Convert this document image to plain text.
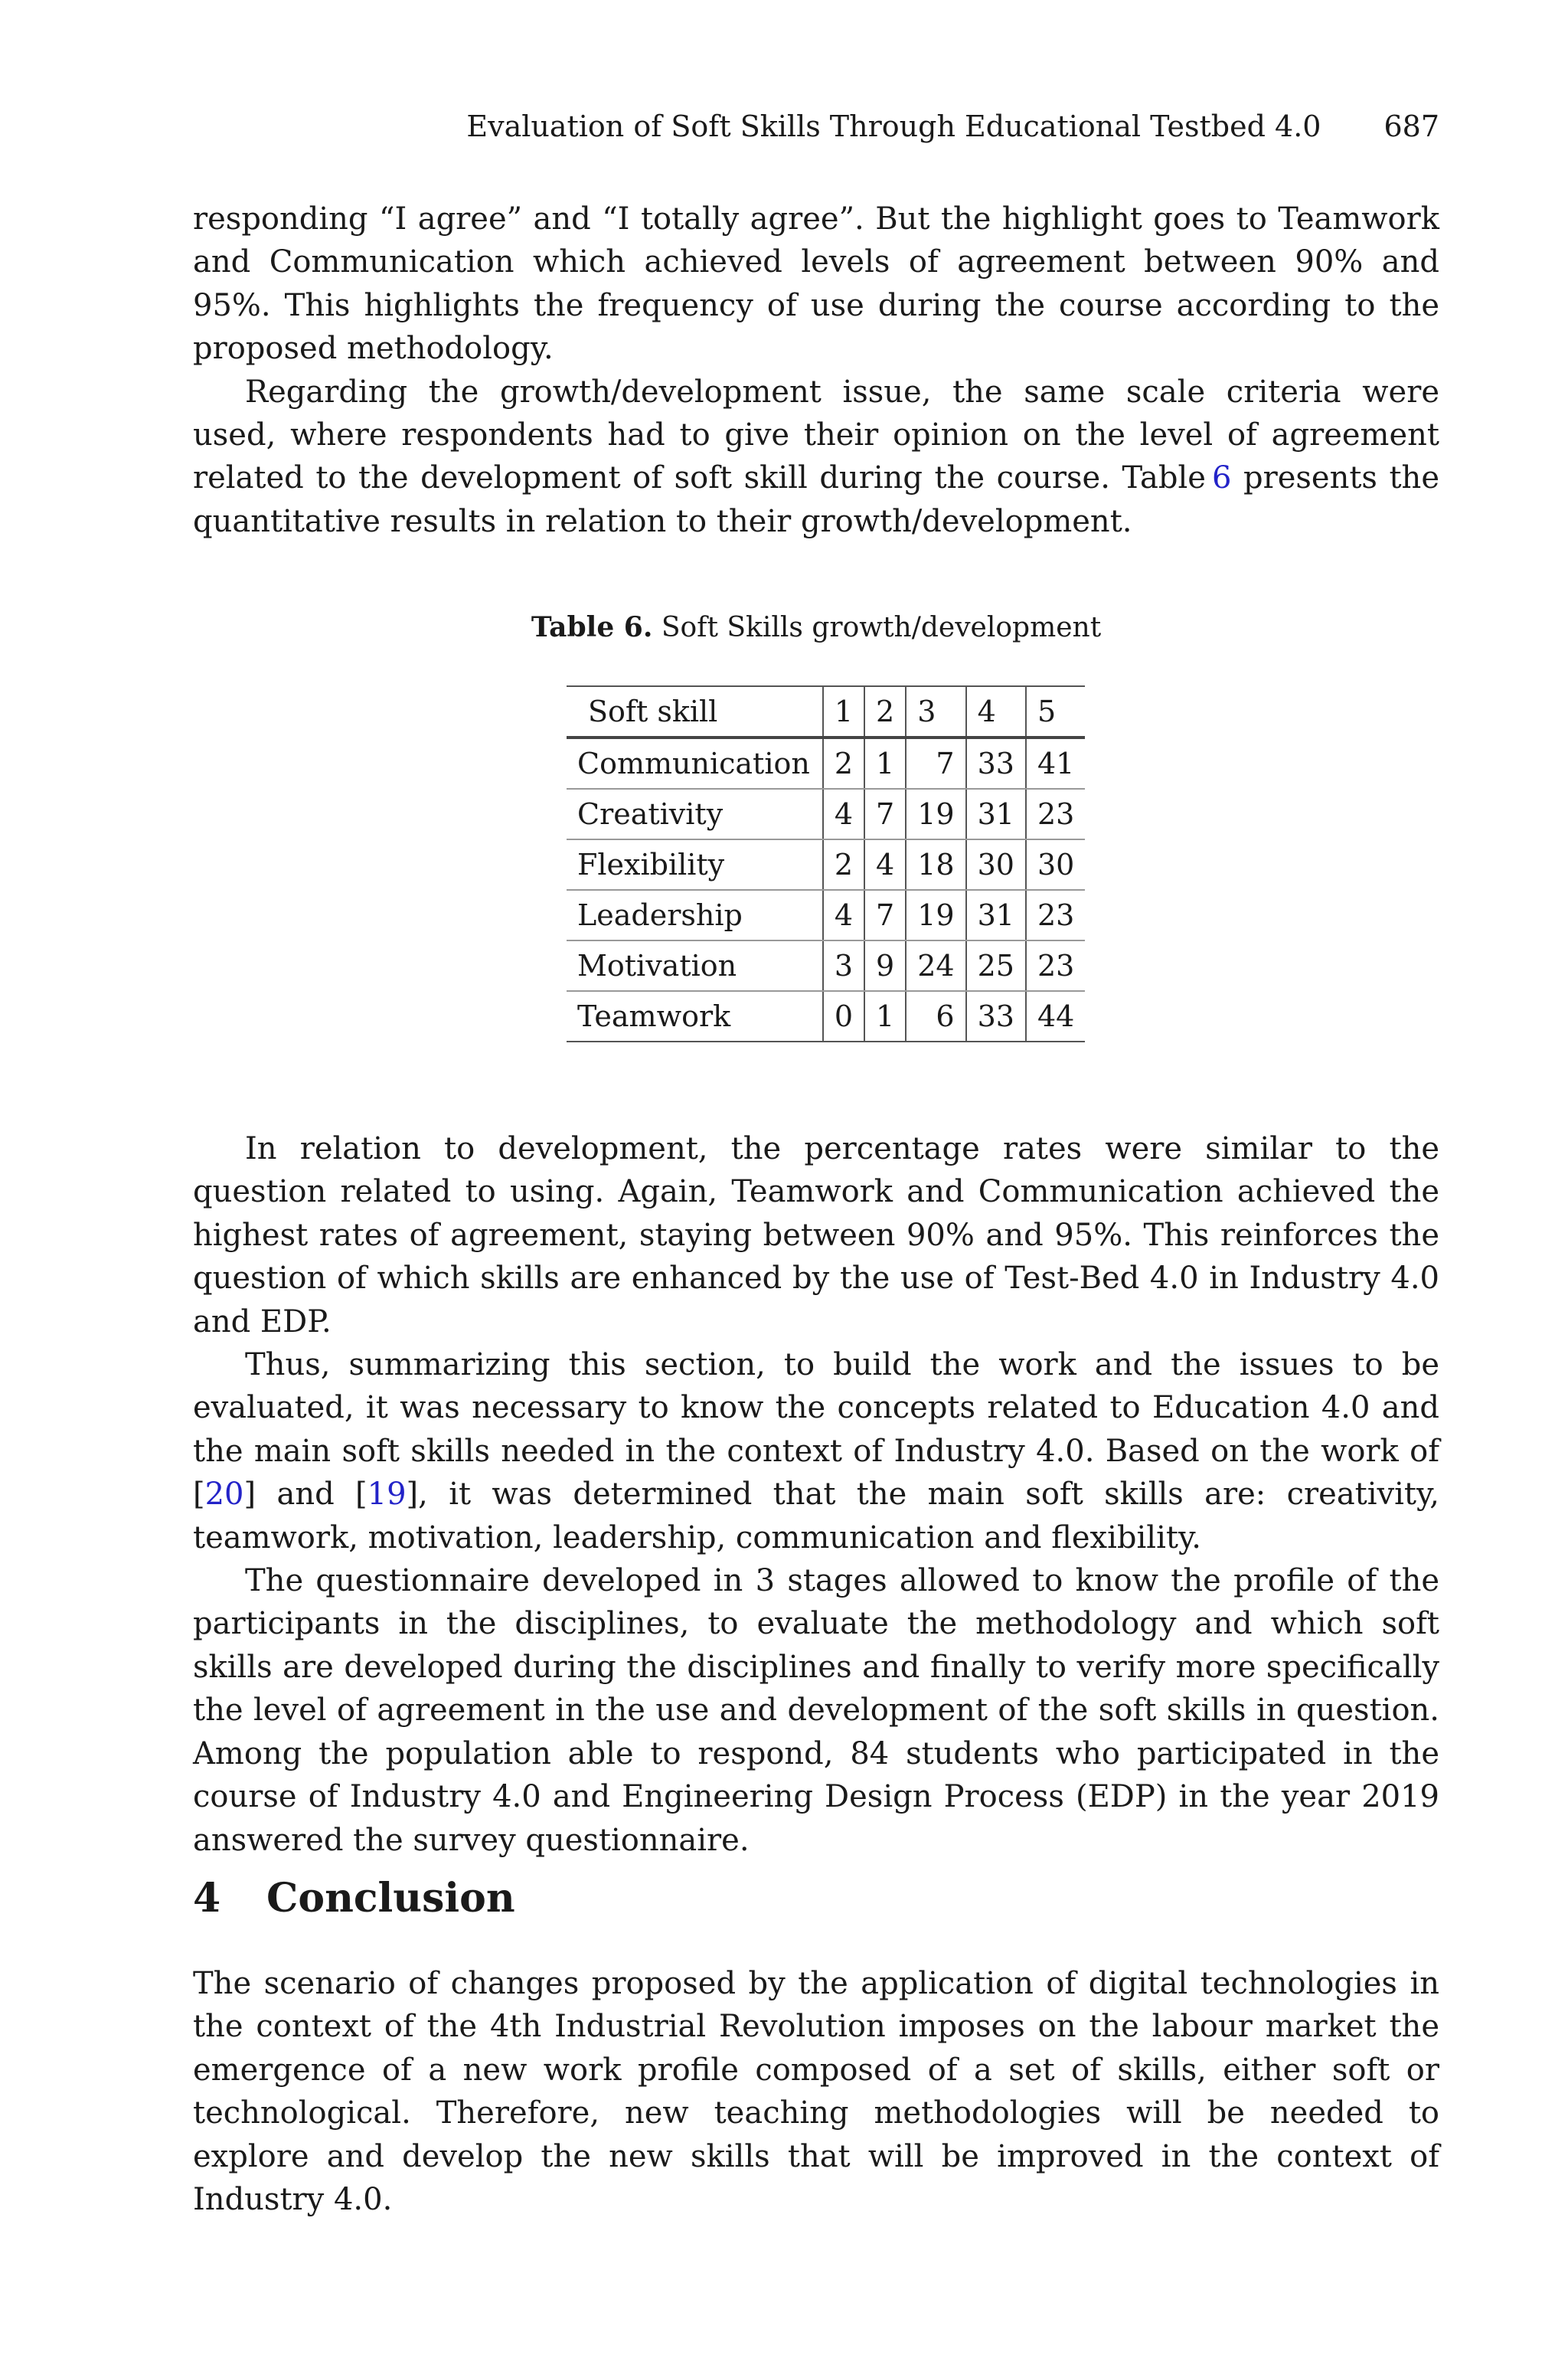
Evaluation of Soft Skills Through Educational Testbed 4.0 687

responding “I agree” and “I totally agree”. But the highlight goes to Teamwork and Communication which achieved levels of agreement between 90% and 95%. This highlights the frequency of use during the course according to the proposed methodology.

Regarding the growth/development issue, the same scale criteria were used, where respondents had to give their opinion on the level of agreement related to the development of soft skill during the course. Table 6 presents the quantitative results in relation to their growth/development.

Table 6. Soft Skills growth/development
Soft skill	1	2	3	4	5
Communication	2	1	7	33	41
Creativity	4	7	19	31	23
Flexibility	2	4	18	30	30
Leadership	4	7	19	31	23
Motivation	3	9	24	25	23
Teamwork	0	1	6	33	44

In relation to development, the percentage rates were similar to the question related to using. Again, Teamwork and Communication achieved the highest rates of agreement, staying between 90% and 95%. This reinforces the question of which skills are enhanced by the use of Test-Bed 4.0 in Industry 4.0 and EDP.

Thus, summarizing this section, to build the work and the issues to be evaluated, it was necessary to know the concepts related to Education 4.0 and the main soft skills needed in the context of Industry 4.0. Based on the work of [20] and [19], it was determined that the main soft skills are: creativity, teamwork, motivation, leadership, communication and flexibility.

The questionnaire developed in 3 stages allowed to know the profile of the participants in the disciplines, to evaluate the methodology and which soft skills are developed during the disciplines and finally to verify more specifically the level of agreement in the use and development of the soft skills in question. Among the population able to respond, 84 students who participated in the course of Industry 4.0 and Engineering Design Process (EDP) in the year 2019 answered the survey questionnaire.

4 Conclusion

The scenario of changes proposed by the application of digital technologies in the context of the 4th Industrial Revolution imposes on the labour market the emergence of a new work profile composed of a set of skills, either soft or technological. Therefore, new teaching methodologies will be needed to explore and develop the new skills that will be improved in the context of Industry 4.0.
